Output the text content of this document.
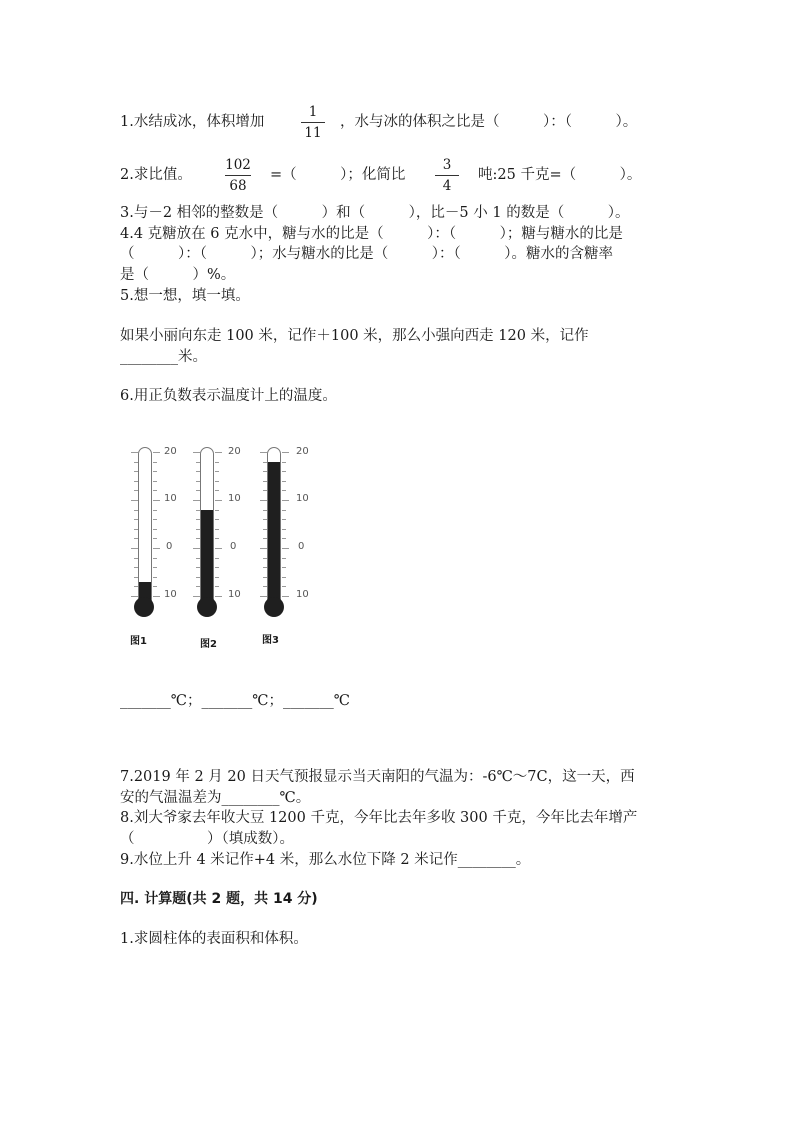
1.水结成冰，体积增加
1
11
，水与冰的体积之比是（　　　）：（　　　）。
2.求比值。
102
68
=（　　　）；化简比
3
4
吨:25 千克=（　　　）。
3.与－2 相邻的整数是（　　　）和（　　　），比－5 小 1 的数是（　　　）。
4.4 克糖放在 6 克水中，糖与水的比是（　　　）：（　　　）；糖与糖水的比是
（　　　）：（　　　）；水与糖水的比是（　　　）：（　　　）。糖水的含糖率
是（　　　）%。
5.想一想，填一填。
如果小丽向东走 100 米，记作＋100 米，那么小强向西走 120 米，记作
________米。
6.用正负数表示温度计上的温度。
20
10
0
10
图1
20
10
0
10
图2
20
10
0
10
图3
_______℃；_______℃；_______℃
7.2019 年 2 月 20 日天气预报显示当天南阳的气温为：-6℃～7C，这一天，西
安的气温温差为________℃。
8.刘大爷家去年收大豆 1200 千克，今年比去年多收 300 千克，今年比去年增产
（　　　　　）（填成数）。
9.水位上升 4 米记作+4 米，那么水位下降 2 米记作________。
四. 计算题(共 2 题，共 14 分)
1.求圆柱体的表面积和体积。
